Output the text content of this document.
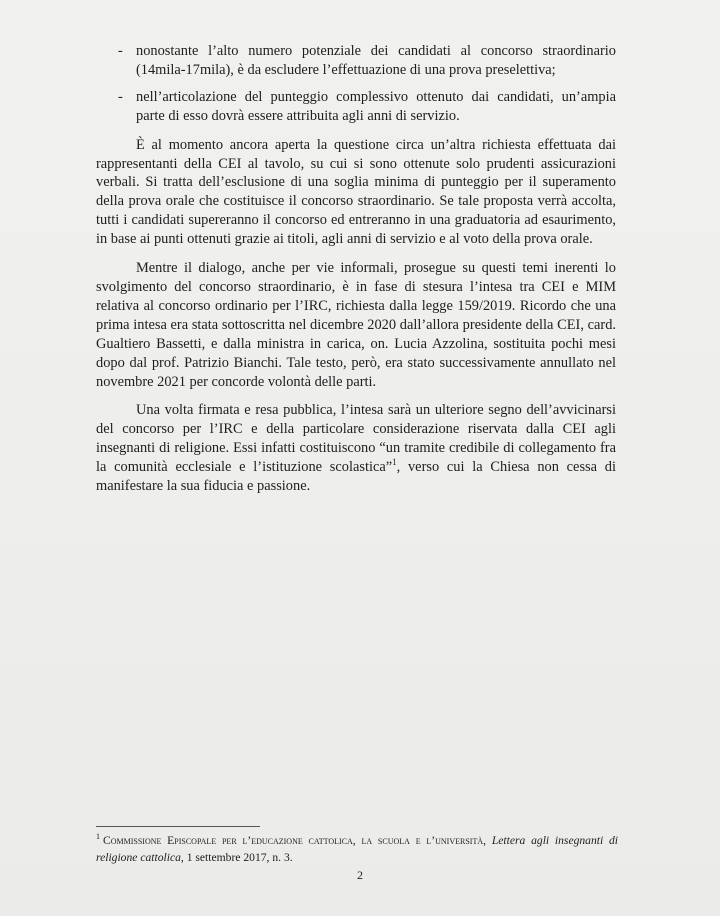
- nonostante l’alto numero potenziale dei candidati al concorso straordinario (14mila-17mila), è da escludere l’effettuazione di una prova preselettiva;
- nell’articolazione del punteggio complessivo ottenuto dai candidati, un’ampia parte di esso dovrà essere attribuita agli anni di servizio.

È al momento ancora aperta la questione circa un’altra richiesta effettuata dai rappresentanti della CEI al tavolo, su cui si sono ottenute solo prudenti assicurazioni verbali. Si tratta dell’esclusione di una soglia minima di punteggio per il superamento della prova orale che costituisce il concorso straordinario. Se tale proposta verrà accolta, tutti i candidati supereranno il concorso ed entreranno in una graduatoria ad esaurimento, in base ai punti ottenuti grazie ai titoli, agli anni di servizio e al voto della prova orale.

Mentre il dialogo, anche per vie informali, prosegue su questi temi inerenti lo svolgimento del concorso straordinario, è in fase di stesura l’intesa tra CEI e MIM relativa al concorso ordinario per l’IRC, richiesta dalla legge 159/2019. Ricordo che una prima intesa era stata sottoscritta nel dicembre 2020 dall’allora presidente della CEI, card. Gualtiero Bassetti, e dalla ministra in carica, on. Lucia Azzolina, sostituita pochi mesi dopo dal prof. Patrizio Bianchi. Tale testo, però, era stato successivamente annullato nel novembre 2021 per concorde volontà delle parti.

Una volta firmata e resa pubblica, l’intesa sarà un ulteriore segno dell’avvicinarsi del concorso per l’IRC e della particolare considerazione riservata dalla CEI agli insegnanti di religione. Essi infatti costituiscono “un tramite credibile di collegamento fra la comunità ecclesiale e l’istituzione scolastica”$^1$, verso cui la Chiesa non cessa di manifestare la sua fiducia e passione.

$^1$ Commissione Episcopale per l’educazione cattolica, la scuola e l’università, Lettera agli insegnanti di religione cattolica, 1 settembre 2017, n. 3.
2
